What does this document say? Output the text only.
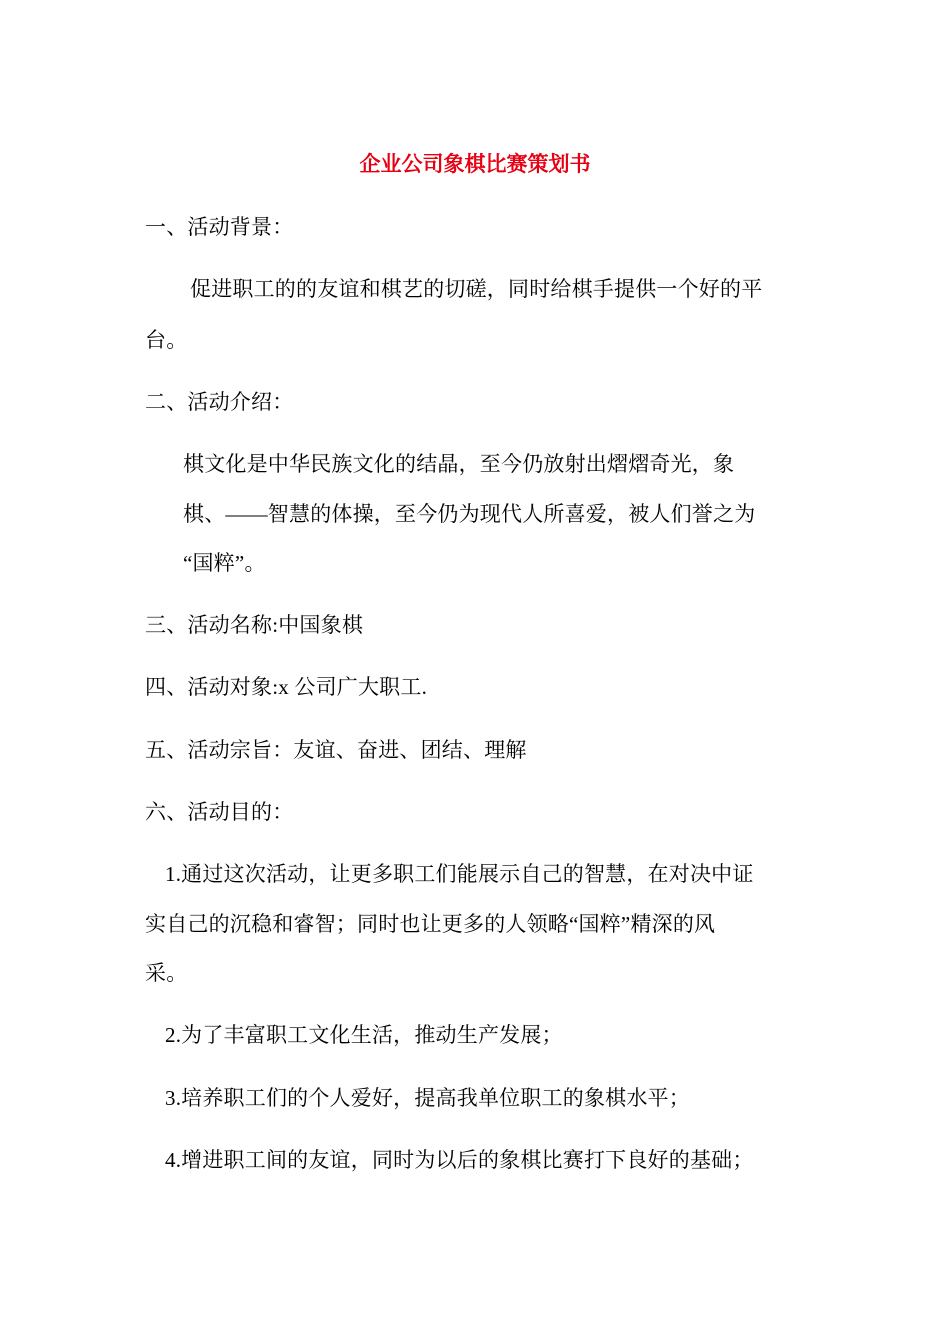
企业公司象棋比赛策划书
一、活动背景：
促进职工的的友谊和棋艺的切磋，同时给棋手提供一个好的平
台。
二、活动介绍：
棋文化是中华民族文化的结晶，至今仍放射出熠熠奇光，象
棋、——智慧的体操，至今仍为现代人所喜爱，被人们誉之为
“国粹”。
三、活动名称:中国象棋
四、活动对象:x 公司广大职工.
五、活动宗旨：友谊、奋进、团结、理解
六、活动目的：
1.通过这次活动，让更多职工们能展示自己的智慧，在对决中证
实自己的沉稳和睿智；同时也让更多的人领略“国粹”精深的风
采。
2.为了丰富职工文化生活，推动生产发展；
3.培养职工们的个人爱好，提高我单位职工的象棋水平；
4.增进职工间的友谊，同时为以后的象棋比赛打下良好的基础；
